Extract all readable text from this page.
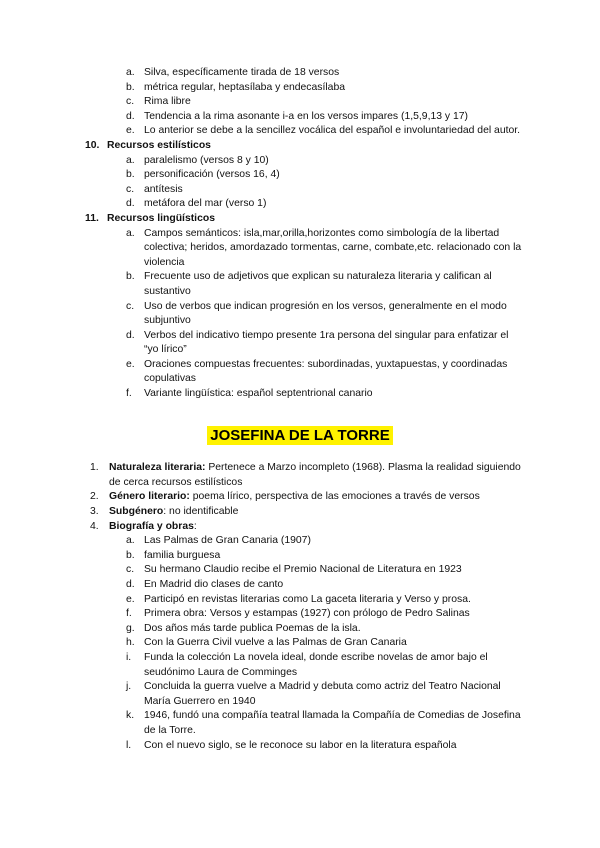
a. Silva, específicamente tirada de 18 versos
b. métrica regular, heptasílaba y endecasílaba
c. Rima libre
d. Tendencia a la rima asonante i-a en los versos impares (1,5,9,13 y 17)
e. Lo anterior se debe a la sencillez vocálica del español e involuntariedad del autor.
10. Recursos estilísticos
a. paralelismo (versos 8 y 10)
b. personificación (versos 16, 4)
c. antítesis
d. metáfora del mar (verso 1)
11. Recursos lingüísticos
a. Campos semánticos: isla,mar,orilla,horizontes como simbología de la libertad colectiva; heridos, amordazado tormentas, carne, combate,etc. relacionado con la violencia
b. Frecuente uso de adjetivos que explican su naturaleza literaria y califican al sustantivo
c. Uso de verbos que indican progresión en los versos, generalmente en el modo subjuntivo
d. Verbos del indicativo tiempo presente 1ra persona del singular para enfatizar el “yo lírico”
e. Oraciones compuestas frecuentes: subordinadas, yuxtapuestas, y coordinadas copulativas
f. Variante lingüística: español septentrional canario
JOSEFINA DE LA TORRE
1. Naturaleza literaria: Pertenece a Marzo incompleto (1968). Plasma la realidad siguiendo de cerca recursos estilísticos
2. Género literario: poema lírico, perspectiva de las emociones a través de versos
3. Subgénero: no identificable
4. Biografía y obras:
a. Las Palmas de Gran Canaria (1907)
b. familia burguesa
c. Su hermano Claudio recibe el Premio Nacional de Literatura en 1923
d. En Madrid dio clases de canto
e. Participó en revistas literarias como La gaceta literaria y Verso y prosa.
f. Primera obra: Versos y estampas (1927) con prólogo de Pedro Salinas
g. Dos años más tarde publica Poemas de la isla.
h. Con la Guerra Civil vuelve a las Palmas de Gran Canaria
i. Funda la colección La novela ideal, donde escribe novelas de amor bajo el seudónimo Laura de Comminges
j. Concluida la guerra vuelve a Madrid y debuta como actriz del Teatro Nacional María Guerrero en 1940
k. 1946, fundó una compañía teatral llamada la Compañía de Comedias de Josefina de la Torre.
l. Con el nuevo siglo, se le reconoce su labor en la literatura española
